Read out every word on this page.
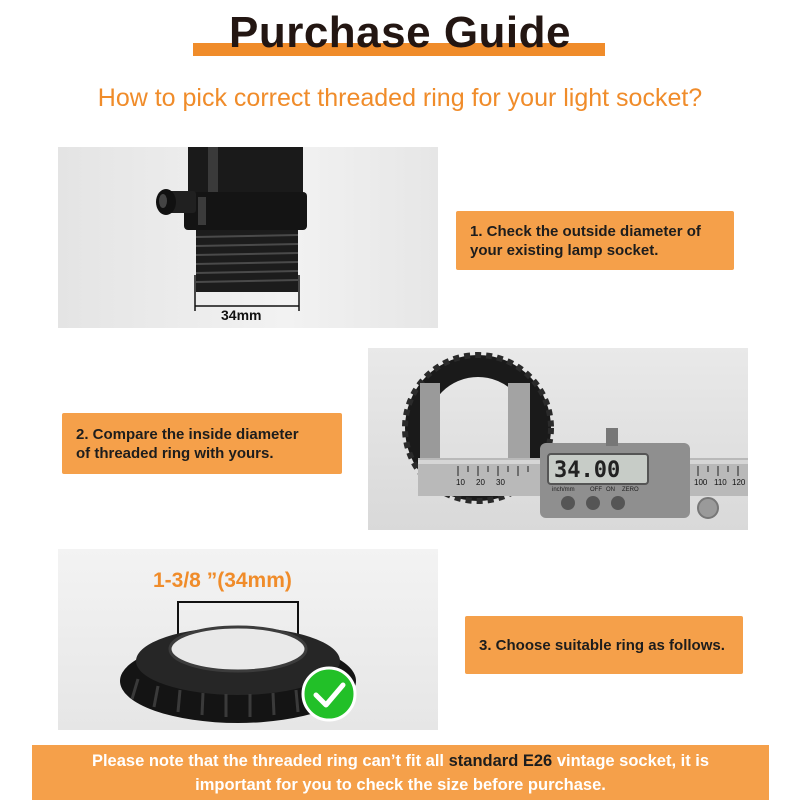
Purchase Guide
How to pick correct threaded ring for your light socket?
34mm
1. Check the outside diameter of
your existing lamp socket.
34.00
10 20 30	100 110 120
inch/mm	OFF ON ZERO
2. Compare the inside diameter
of threaded ring with yours.
1-3/8 ”(34mm)
3. Choose suitable ring as follows.
Please note that the threaded ring can’t fit all standard E26 vintage socket, it is
important for you to check the size before purchase.
